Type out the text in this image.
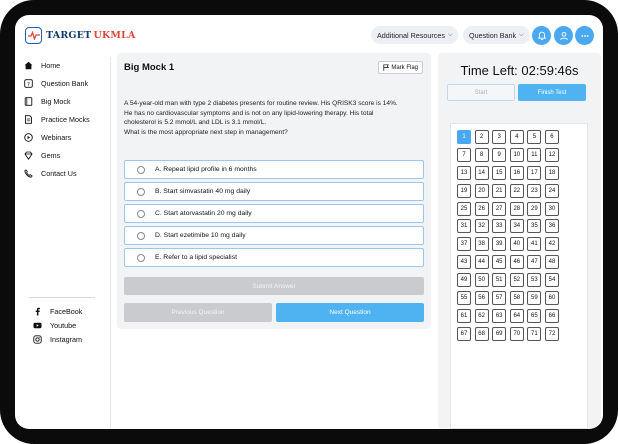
TARGET UKMLA	Additional Resources ⌵ Question Bank ⌵
Home
? Question Bank
Big Mock
Practice Mocks
Webinars
Gems
Contact Us
FaceBook
Youtube
Instagram
Big Mock 1	Mark Flag
A 54-year-old man with type 2 diabetes presents for routine review. His QRISK3 score is 14%.
He has no cardiovascular symptoms and is not on any lipid-lowering therapy. His total
cholesterol is 5.2 mmol/L and LDL is 3.1 mmol/L.
What is the most appropriate next step in management?
A. Repeat lipid profile in 6 months
B. Start simvastatin 40 mg daily
C. Start atorvastatin 20 mg daily
D. Start ezetimibe 10 mg daily
E. Refer to a lipid specialist
Submit Answer
Previous Question	Next Question
Time Left: 02:59:46s
Start	Finish Test
1	2	3	4	5	6
7	8	9	10	11	12
13	14	15	16	17	18
19	20	21	22	23	24
25	26	27	28	29	30
31	32	33	34	35	36
37	38	39	40	41	42
43	44	45	46	47	48
49	50	51	52	53	54
55	56	57	58	59	60
61	62	63	64	65	66
67	68	69	70	71	72
